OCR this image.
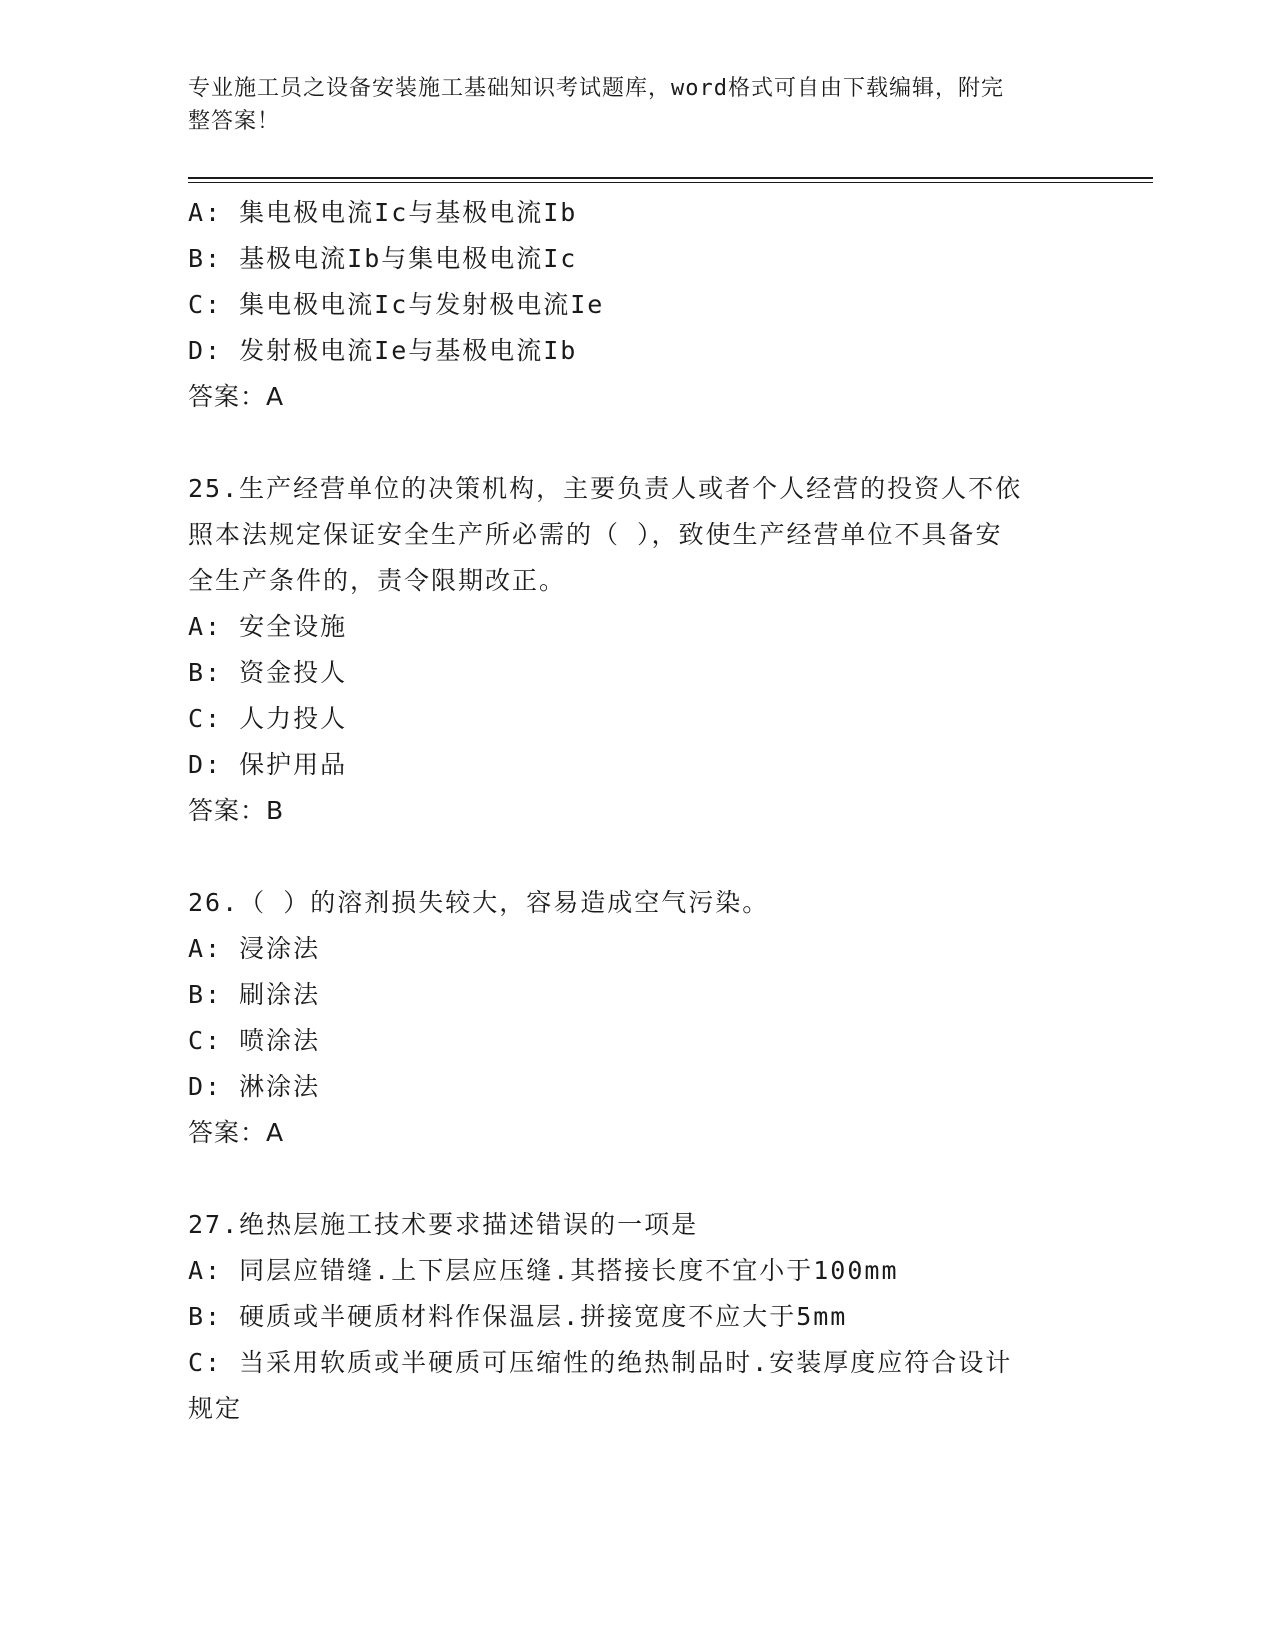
专业施工员之设备安装施工基础知识考试题库，word格式可自由下载编辑，附完
整答案！
A: 集电极电流Ic与基极电流Ib
B: 基极电流Ib与集电极电流Ic
C: 集电极电流Ic与发射极电流Ie
D: 发射极电流Ie与基极电流Ib
答案：A
25.生产经营单位的决策机构，主要负责人或者个人经营的投资人不依
照本法规定保证安全生产所必需的（ ），致使生产经营单位不具备安
全生产条件的，责令限期改正。
A: 安全设施
B: 资金投人
C: 人力投人
D: 保护用品
答案：B
26.（ ）的溶剂损失较大，容易造成空气污染。
A: 浸涂法
B: 刷涂法
C: 喷涂法
D: 淋涂法
答案：A
27.绝热层施工技术要求描述错误的一项是
A: 同层应错缝.上下层应压缝.其搭接长度不宜小于100mm
B: 硬质或半硬质材料作保温层.拼接宽度不应大于5mm
C: 当采用软质或半硬质可压缩性的绝热制品时.安装厚度应符合设计
规定
